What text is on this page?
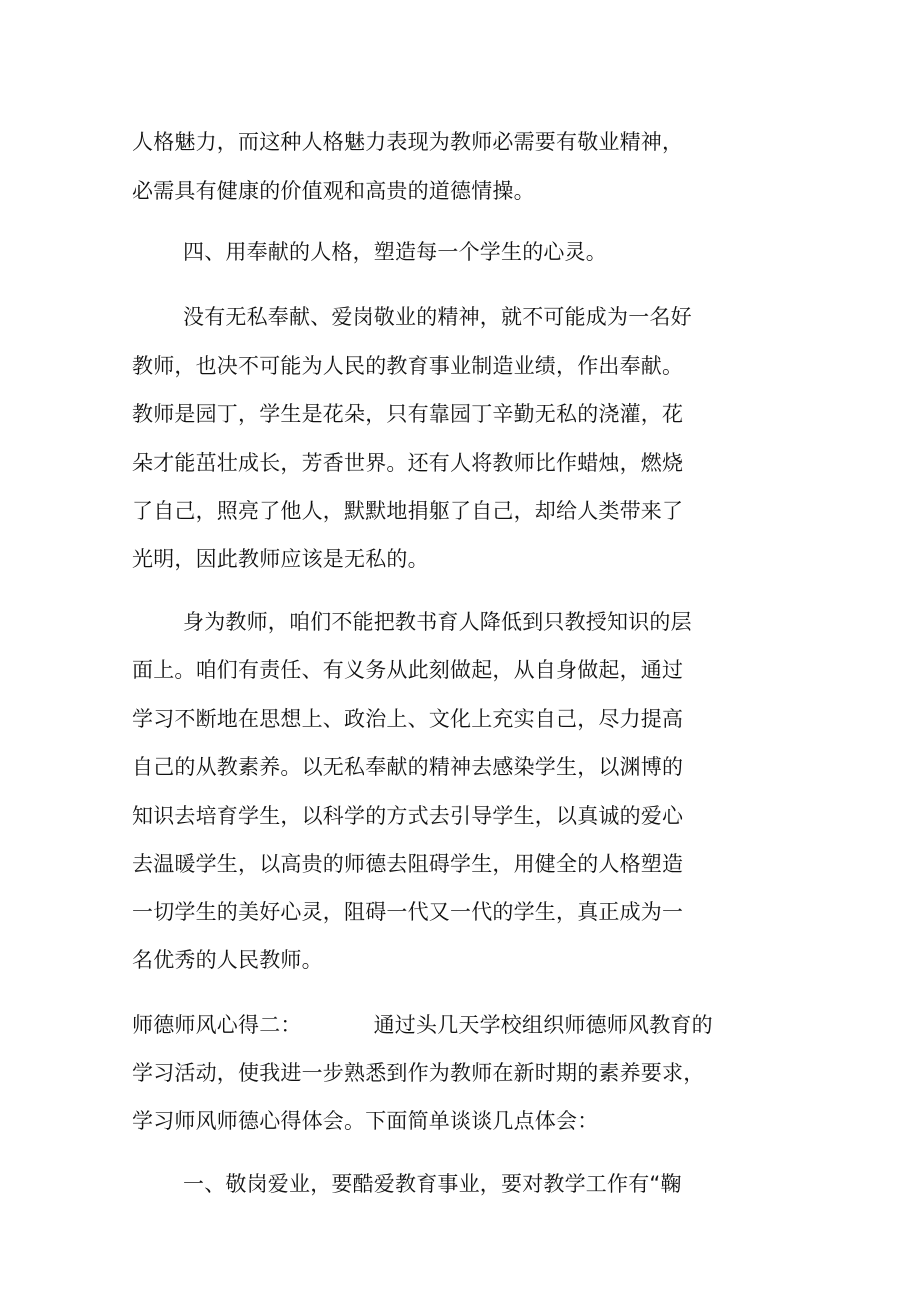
人格魅力，而这种人格魅力表现为教师必需要有敬业精神，
必需具有健康的价值观和高贵的道德情操。
四、用奉献的人格，塑造每一个学生的心灵。
没有无私奉献、爱岗敬业的精神，就不可能成为一名好
教师，也决不可能为人民的教育事业制造业绩，作出奉献。
教师是园丁，学生是花朵，只有靠园丁辛勤无私的浇灌，花
朵才能茁壮成长，芳香世界。还有人将教师比作蜡烛，燃烧
了自己，照亮了他人，默默地捐躯了自己，却给人类带来了
光明，因此教师应该是无私的。
身为教师，咱们不能把教书育人降低到只教授知识的层
面上。咱们有责任、有义务从此刻做起，从自身做起，通过
学习不断地在思想上、政治上、文化上充实自己，尽力提高
自己的从教素养。以无私奉献的精神去感染学生，以渊博的
知识去培育学生，以科学的方式去引导学生，以真诚的爱心
去温暖学生，以高贵的师德去阻碍学生，用健全的人格塑造
一切学生的美好心灵，阻碍一代又一代的学生，真正成为一
名优秀的人民教师。
师德师风心得二：	通过头几天学校组织师德师风教育的
学习活动，使我进一步熟悉到作为教师在新时期的素养要求，
学习师风师德心得体会。下面简单谈谈几点体会：
一、敬岗爱业，要酷爱教育事业，要对教学工作有“鞠
